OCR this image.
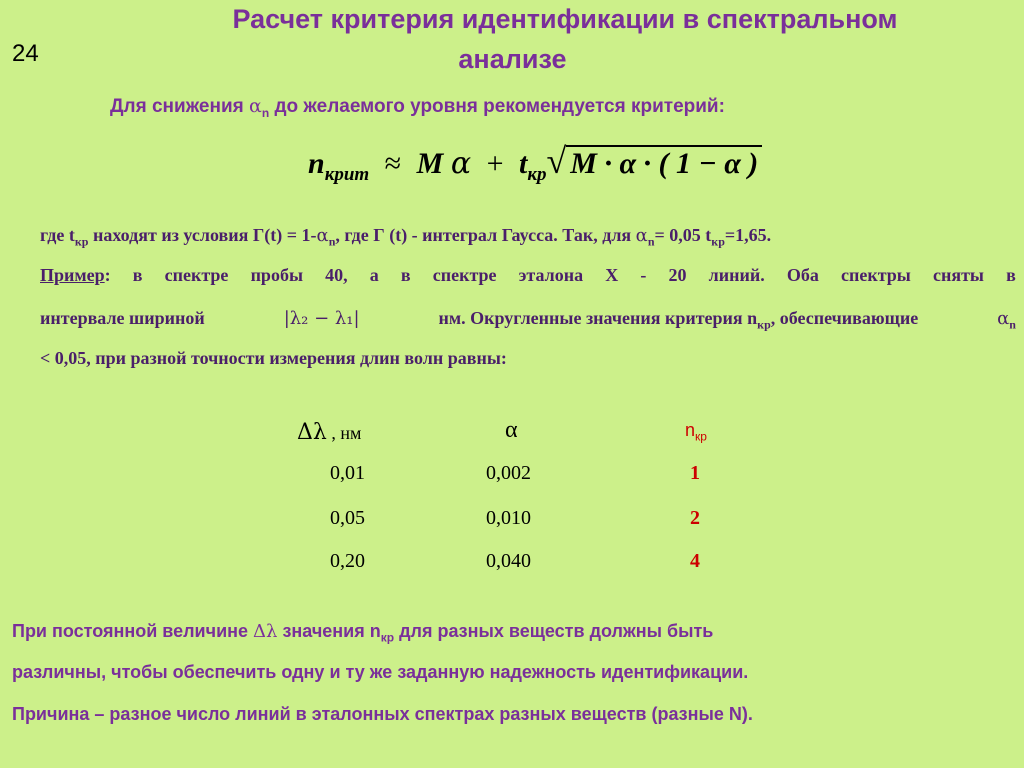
24
Расчет критерия идентификации в спектральном
анализе
Для снижения $\alpha_n$ до желаемого уровня рекомендуется критерий:
$n_{крит} \approx M$ $\alpha + t_{кр}√$ M · α · ( 1 − α )
где $t_{кр}$ находят из условия $Г(t) = 1-\alpha_n$, где Г (t) - интеграл Гаусса. Так, для $\alpha_n= 0,05$ $t_{кр}=1,65$.
Пример: в спектре пробы 40, а в спектре эталона Х - 20 линий. Оба спектры сняты в
интервале шириной	|λ₂ − λ₁|	нм. Округленные значения критерия $n_{кр}$, обеспечивающие	$\alpha_n$
< 0,05, при разной точности измерения длин волн равны:
Δλ , нм	α	$n_{кр}$
0,01	0,002	1
0,05	0,010	2
0,20	0,040	4
При постоянной величине Δλ значения $n_{кр}$ для разных веществ должны быть
различны, чтобы обеспечить одну и ту же заданную надежность идентификации.
Причина – разное число линий в эталонных спектрах разных веществ (разные N).
